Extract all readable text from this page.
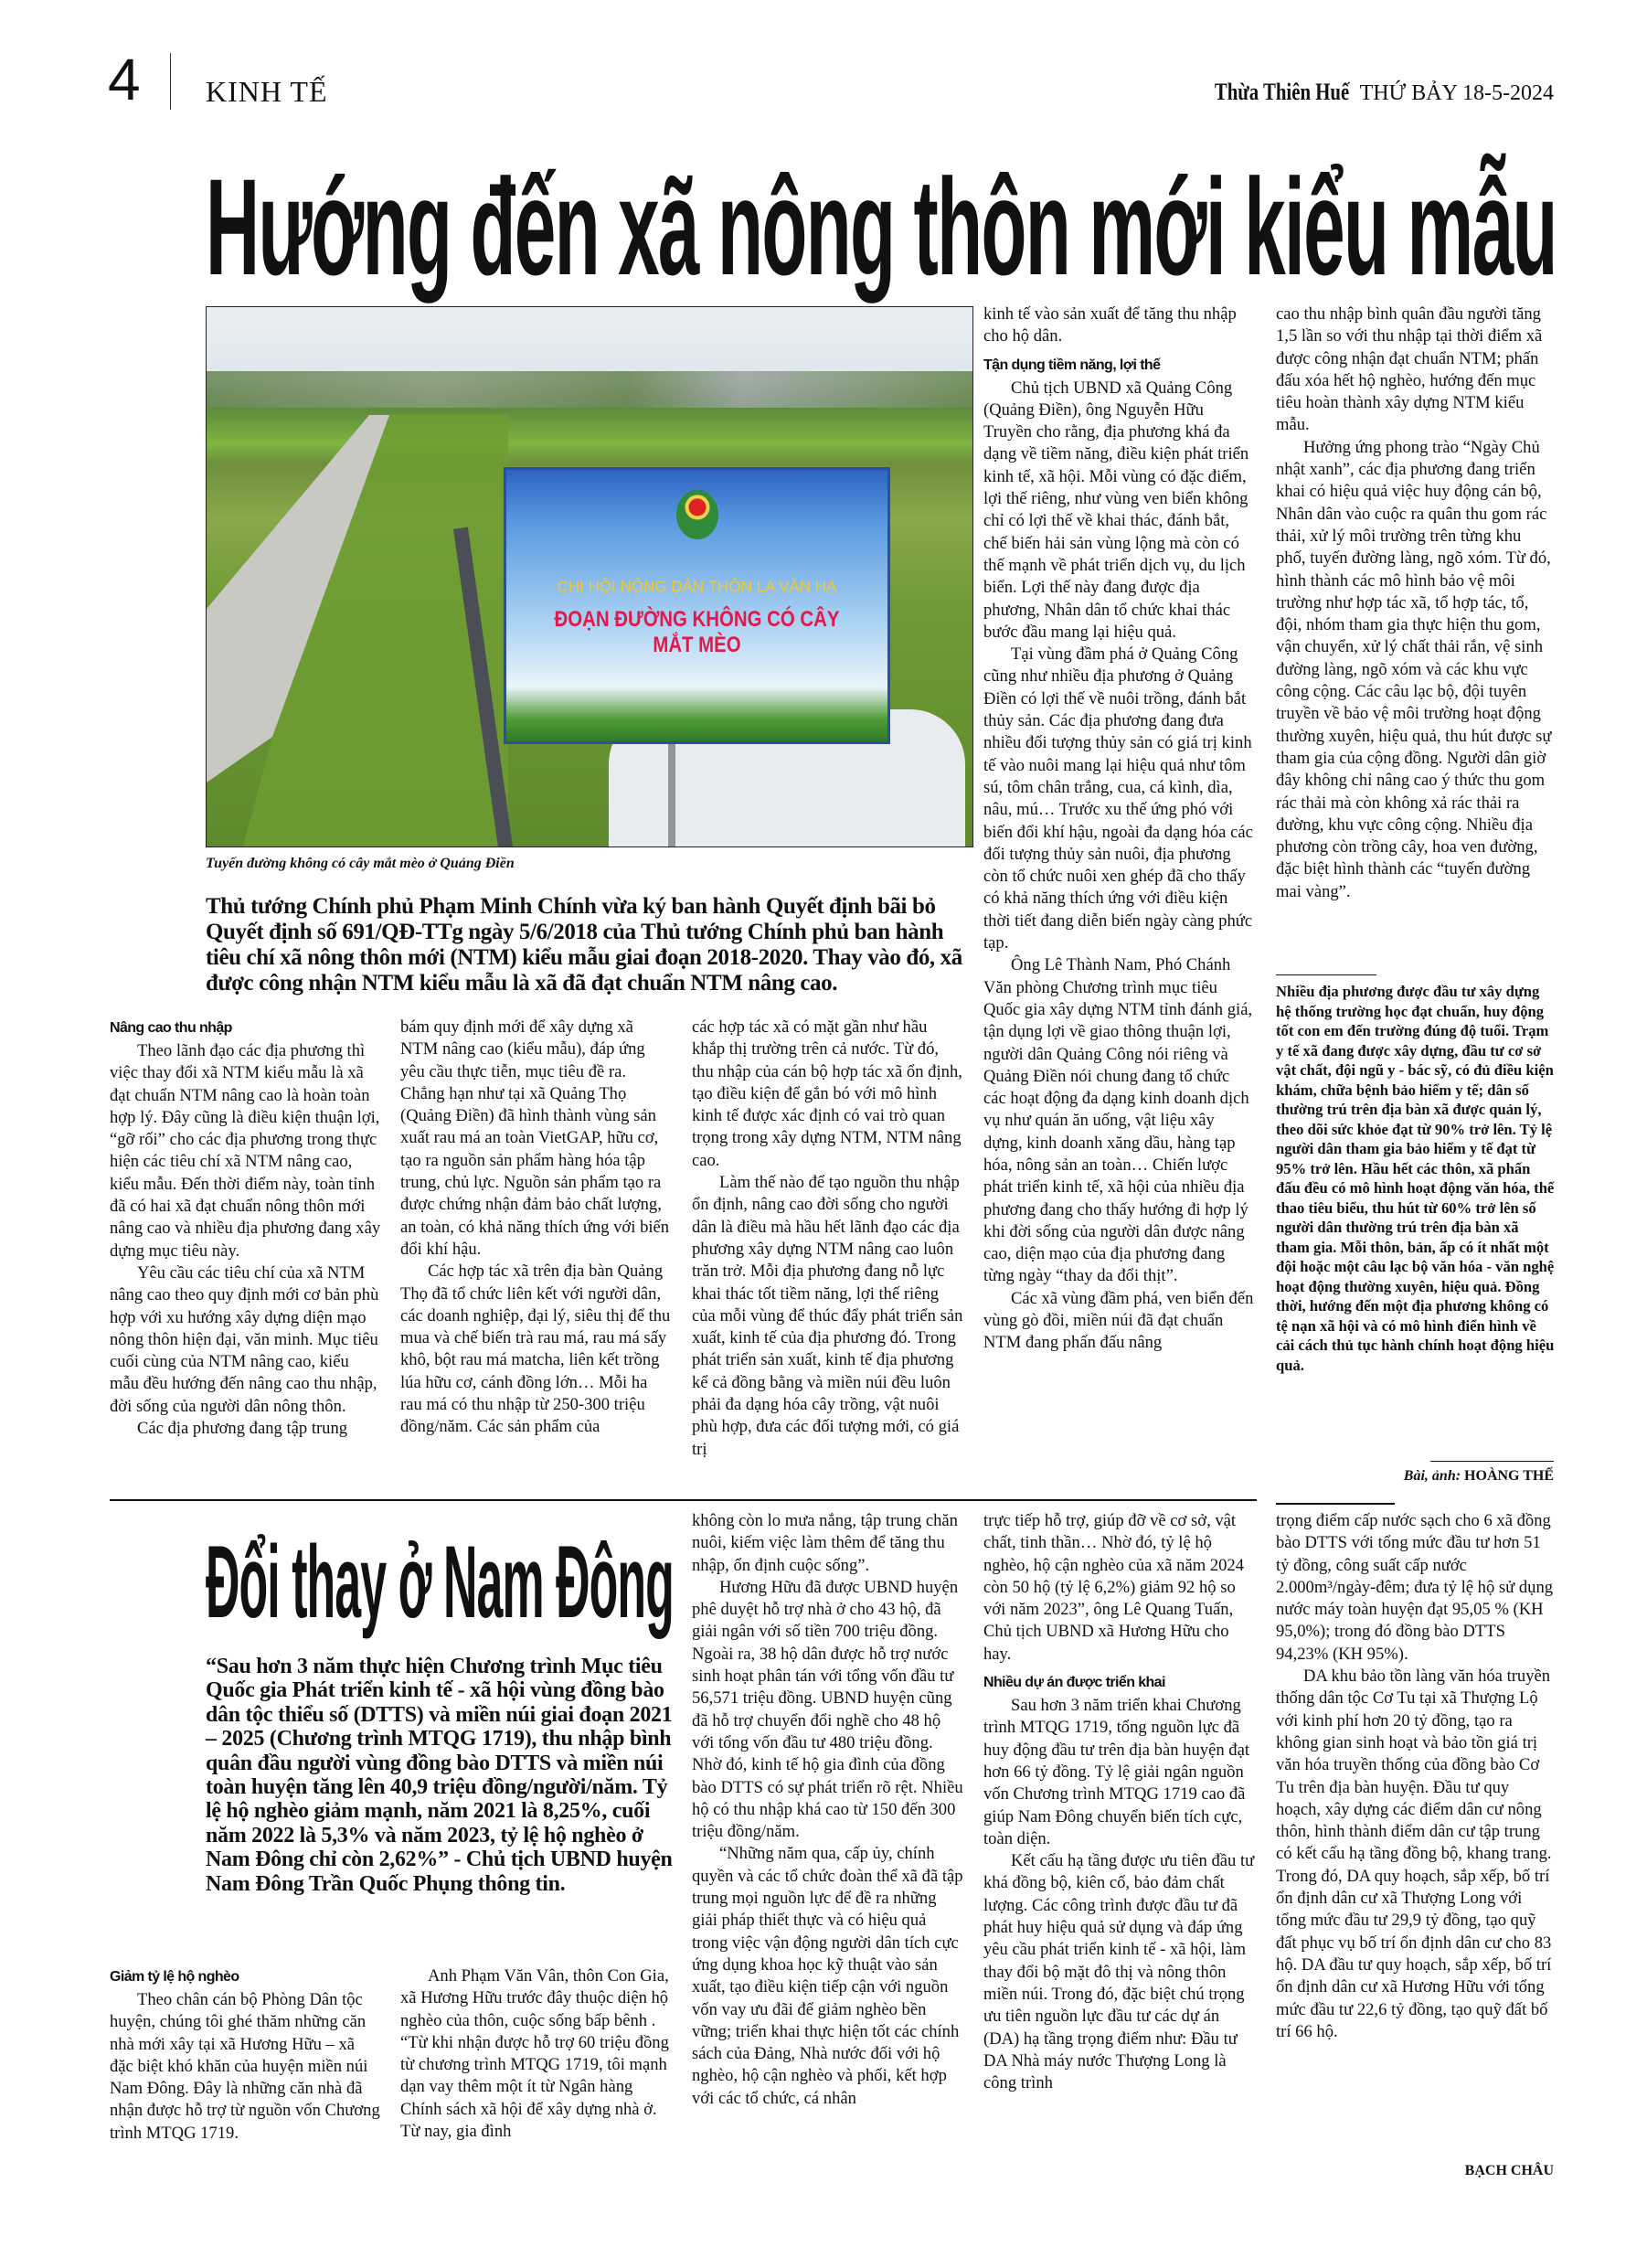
4 KINH TẾ	Thừa Thiên Huế THỨ BẢY 18-5-2024
Hướng đến xã nông thôn mới kiểu mẫu
CHI HỘI NÔNG DÂN THÔN LA VĂN HẠ
ĐOẠN ĐƯỜNG KHÔNG CÓ CÂY MẮT MÈO
Tuyến đường không có cây mắt mèo ở Quảng Điền
Thủ tướng Chính phủ Phạm Minh Chính vừa ký ban hành Quyết định bãi bỏ Quyết định số 691/QĐ-TTg ngày 5/6/2018 của Thủ tướng Chính phủ ban hành tiêu chí xã nông thôn mới (NTM) kiểu mẫu giai đoạn 2018-2020. Thay vào đó, xã được công nhận NTM kiểu mẫu là xã đã đạt chuẩn NTM nâng cao.
Nâng cao thu nhập

Theo lãnh đạo các địa phương thì việc thay đổi xã NTM kiểu mẫu là xã đạt chuẩn NTM nâng cao là hoàn toàn hợp lý. Đây cũng là điều kiện thuận lợi, “gỡ rối” cho các địa phương trong thực hiện các tiêu chí xã NTM nâng cao, kiểu mẫu. Đến thời điểm này, toàn tỉnh đã có hai xã đạt chuẩn nông thôn mới nâng cao và nhiều địa phương đang xây dựng mục tiêu này.

Yêu cầu các tiêu chí của xã NTM nâng cao theo quy định mới cơ bản phù hợp với xu hướng xây dựng diện mạo nông thôn hiện đại, văn minh. Mục tiêu cuối cùng của NTM nâng cao, kiểu mẫu đều hướng đến nâng cao thu nhập, đời sống của người dân nông thôn.

Các địa phương đang tập trung

bám quy định mới để xây dựng xã NTM nâng cao (kiểu mẫu), đáp ứng yêu cầu thực tiễn, mục tiêu đề ra. Chẳng hạn như tại xã Quảng Thọ (Quảng Điền) đã hình thành vùng sản xuất rau má an toàn VietGAP, hữu cơ, tạo ra nguồn sản phẩm hàng hóa tập trung, chủ lực. Nguồn sản phẩm tạo ra được chứng nhận đảm bảo chất lượng, an toàn, có khả năng thích ứng với biến đổi khí hậu.

Các hợp tác xã trên địa bàn Quảng Thọ đã tổ chức liên kết với người dân, các doanh nghiệp, đại lý, siêu thị để thu mua và chế biến trà rau má, rau má sấy khô, bột rau má matcha, liên kết trồng lúa hữu cơ, cánh đồng lớn… Mỗi ha rau má có thu nhập từ 250-300 triệu đồng/năm. Các sản phẩm của

các hợp tác xã có mặt gần như hầu khắp thị trường trên cả nước. Từ đó, thu nhập của cán bộ hợp tác xã ổn định, tạo điều kiện để gắn bó với mô hình kinh tế được xác định có vai trò quan trọng trong xây dựng NTM, NTM nâng cao.

Làm thế nào để tạo nguồn thu nhập ổn định, nâng cao đời sống cho người dân là điều mà hầu hết lãnh đạo các địa phương xây dựng NTM nâng cao luôn trăn trở. Mỗi địa phương đang nỗ lực khai thác tốt tiềm năng, lợi thế riêng của mỗi vùng để thúc đẩy phát triển sản xuất, kinh tế của địa phương đó. Trong phát triển sản xuất, kinh tế địa phương kể cả đồng bằng và miền núi đều luôn phải đa dạng hóa cây trồng, vật nuôi phù hợp, đưa các đối tượng mới, có giá trị

kinh tế vào sản xuất để tăng thu nhập cho hộ dân.

Tận dụng tiềm năng, lợi thế

Chủ tịch UBND xã Quảng Công (Quảng Điền), ông Nguyễn Hữu Truyền cho rằng, địa phương khá đa dạng về tiềm năng, điều kiện phát triển kinh tế, xã hội. Mỗi vùng có đặc điểm, lợi thế riêng, như vùng ven biển không chỉ có lợi thế về khai thác, đánh bắt, chế biến hải sản vùng lộng mà còn có thế mạnh về phát triển dịch vụ, du lịch biển. Lợi thế này đang được địa phương, Nhân dân tổ chức khai thác bước đầu mang lại hiệu quả.

Tại vùng đầm phá ở Quảng Công cũng như nhiều địa phương ở Quảng Điền có lợi thế về nuôi trồng, đánh bắt thủy sản. Các địa phương đang đưa nhiều đối tượng thủy sản có giá trị kinh tế vào nuôi mang lại hiệu quả như tôm sú, tôm chân trắng, cua, cá kình, dìa, nâu, mú… Trước xu thế ứng phó với biến đổi khí hậu, ngoài đa dạng hóa các đối tượng thủy sản nuôi, địa phương còn tổ chức nuôi xen ghép đã cho thấy có khả năng thích ứng với điều kiện thời tiết đang diễn biến ngày càng phức tạp.

Ông Lê Thành Nam, Phó Chánh Văn phòng Chương trình mục tiêu Quốc gia xây dựng NTM tỉnh đánh giá, tận dụng lợi về giao thông thuận lợi, người dân Quảng Công nói riêng và Quảng Điền nói chung đang tổ chức các hoạt động đa dạng kinh doanh dịch vụ như quán ăn uống, vật liệu xây dựng, kinh doanh xăng dầu, hàng tạp hóa, nông sản an toàn… Chiến lược phát triển kinh tế, xã hội của nhiều địa phương đang cho thấy hướng đi hợp lý khi đời sống của người dân được nâng cao, diện mạo của địa phương đang từng ngày “thay da đổi thịt”.

Các xã vùng đầm phá, ven biển đến vùng gò đồi, miền núi đã đạt chuẩn NTM đang phấn đấu nâng

cao thu nhập bình quân đầu người tăng 1,5 lần so với thu nhập tại thời điểm xã được công nhận đạt chuẩn NTM; phấn đấu xóa hết hộ nghèo, hướng đến mục tiêu hoàn thành xây dựng NTM kiểu mẫu.

Hưởng ứng phong trào “Ngày Chủ nhật xanh”, các địa phương đang triển khai có hiệu quả việc huy động cán bộ, Nhân dân vào cuộc ra quân thu gom rác thải, xử lý môi trường trên từng khu phố, tuyến đường làng, ngõ xóm. Từ đó, hình thành các mô hình bảo vệ môi trường như hợp tác xã, tổ hợp tác, tổ, đội, nhóm tham gia thực hiện thu gom, vận chuyển, xử lý chất thải rắn, vệ sinh đường làng, ngõ xóm và các khu vực công cộng. Các câu lạc bộ, đội tuyên truyền về bảo vệ môi trường hoạt động thường xuyên, hiệu quả, thu hút được sự tham gia của cộng đồng. Người dân giờ đây không chỉ nâng cao ý thức thu gom rác thải mà còn không xả rác thải ra đường, khu vực công cộng. Nhiều địa phương còn trồng cây, hoa ven đường, đặc biệt hình thành các “tuyến đường mai vàng”.

Nhiều địa phương được đầu tư xây dựng hệ thống trường học đạt chuẩn, huy động tốt con em đến trường đúng độ tuổi. Trạm y tế xã đang được xây dựng, đầu tư cơ sở vật chất, đội ngũ y - bác sỹ, có đủ điều kiện khám, chữa bệnh bảo hiểm y tế; dân số thường trú trên địa bàn xã được quản lý, theo dõi sức khỏe đạt từ 90% trở lên. Tỷ lệ người dân tham gia bảo hiểm y tế đạt từ 95% trở lên. Hầu hết các thôn, xã phấn đấu đều có mô hình hoạt động văn hóa, thể thao tiêu biểu, thu hút từ 60% trở lên số người dân thường trú trên địa bàn xã tham gia. Mỗi thôn, bản, ấp có ít nhất một đội hoặc một câu lạc bộ văn hóa - văn nghệ hoạt động thường xuyên, hiệu quả. Đồng thời, hướng đến một địa phương không có tệ nạn xã hội và có mô hình điển hình về cải cách thủ tục hành chính hoạt động hiệu quả.
Bài, ảnh: HOÀNG THẾ
Đổi thay ở Nam Đông
“Sau hơn 3 năm thực hiện Chương trình Mục tiêu Quốc gia Phát triển kinh tế - xã hội vùng đồng bào dân tộc thiểu số (DTTS) và miền núi giai đoạn 2021 – 2025 (Chương trình MTQG 1719), thu nhập bình quân đầu người vùng đồng bào DTTS và miền núi toàn huyện tăng lên 40,9 triệu đồng/người/năm. Tỷ lệ hộ nghèo giảm mạnh, năm 2021 là 8,25%, cuối năm 2022 là 5,3% và năm 2023, tỷ lệ hộ nghèo ở Nam Đông chỉ còn 2,62%” - Chủ tịch UBND huyện Nam Đông Trần Quốc Phụng thông tin.
Giảm tỷ lệ hộ nghèo

Theo chân cán bộ Phòng Dân tộc huyện, chúng tôi ghé thăm những căn nhà mới xây tại xã Hương Hữu – xã đặc biệt khó khăn của huyện miền núi Nam Đông. Đây là những căn nhà đã nhận được hỗ trợ từ nguồn vốn Chương trình MTQG 1719.

Anh Phạm Văn Vân, thôn Con Gia, xã Hương Hữu trước đây thuộc diện hộ nghèo của thôn, cuộc sống bấp bênh . “Từ khi nhận được hỗ trợ 60 triệu đồng từ chương trình MTQG 1719, tôi mạnh dạn vay thêm một ít từ Ngân hàng Chính sách xã hội để xây dựng nhà ở. Từ nay, gia đình

không còn lo mưa nắng, tập trung chăn nuôi, kiếm việc làm thêm để tăng thu nhập, ổn định cuộc sống”.

Hương Hữu đã được UBND huyện phê duyệt hỗ trợ nhà ở cho 43 hộ, đã giải ngân với số tiền 700 triệu đồng. Ngoài ra, 38 hộ dân được hỗ trợ nước sinh hoạt phân tán với tổng vốn đầu tư 56,571 triệu đồng. UBND huyện cũng đã hỗ trợ chuyển đổi nghề cho 48 hộ với tổng vốn đầu tư 480 triệu đồng. Nhờ đó, kinh tế hộ gia đình của đồng bào DTTS có sự phát triển rõ rệt. Nhiều hộ có thu nhập khá cao từ 150 đến 300 triệu đồng/năm.

“Những năm qua, cấp ủy, chính quyền và các tổ chức đoàn thể xã đã tập trung mọi nguồn lực để đề ra những giải pháp thiết thực và có hiệu quả trong việc vận động người dân tích cực ứng dụng khoa học kỹ thuật vào sản xuất, tạo điều kiện tiếp cận với nguồn vốn vay ưu đãi để giảm nghèo bền vững; triển khai thực hiện tốt các chính sách của Đảng, Nhà nước đối với hộ nghèo, hộ cận nghèo và phối, kết hợp với các tổ chức, cá nhân

trực tiếp hỗ trợ, giúp đỡ về cơ sở, vật chất, tinh thần… Nhờ đó, tỷ lệ hộ nghèo, hộ cận nghèo của xã năm 2024 còn 50 hộ (tỷ lệ 6,2%) giảm 92 hộ so với năm 2023”, ông Lê Quang Tuấn, Chủ tịch UBND xã Hương Hữu cho hay.

Nhiều dự án được triển khai

Sau hơn 3 năm triển khai Chương trình MTQG 1719, tổng nguồn lực đã huy động đầu tư trên địa bàn huyện đạt hơn 66 tỷ đồng. Tỷ lệ giải ngân nguồn vốn Chương trình MTQG 1719 cao đã giúp Nam Đông chuyển biến tích cực, toàn diện.

Kết cấu hạ tầng được ưu tiên đầu tư khá đồng bộ, kiên cố, bảo đảm chất lượng. Các công trình được đầu tư đã phát huy hiệu quả sử dụng và đáp ứng yêu cầu phát triển kinh tế - xã hội, làm thay đổi bộ mặt đô thị và nông thôn miền núi. Trong đó, đặc biệt chú trọng ưu tiên nguồn lực đầu tư các dự án (DA) hạ tầng trọng điểm như: Đầu tư DA Nhà máy nước Thượng Long là công trình

trọng điểm cấp nước sạch cho 6 xã đồng bào DTTS với tổng mức đầu tư hơn 51 tỷ đồng, công suất cấp nước 2.000m³/ngày-đêm; đưa tỷ lệ hộ sử dụng nước máy toàn huyện đạt 95,05 % (KH 95,0%); trong đó đồng bào DTTS 94,23% (KH 95%).

DA khu bảo tồn làng văn hóa truyền thống dân tộc Cơ Tu tại xã Thượng Lộ với kinh phí hơn 20 tỷ đồng, tạo ra không gian sinh hoạt và bảo tồn giá trị văn hóa truyền thống của đồng bào Cơ Tu trên địa bàn huyện. Đầu tư quy hoạch, xây dựng các điểm dân cư nông thôn, hình thành điểm dân cư tập trung có kết cấu hạ tầng đồng bộ, khang trang. Trong đó, DA quy hoạch, sắp xếp, bố trí ổn định dân cư xã Thượng Long với tổng mức đầu tư 29,9 tỷ đồng, tạo quỹ đất phục vụ bố trí ổn định dân cư cho 83 hộ. DA đầu tư quy hoạch, sắp xếp, bố trí ổn định dân cư xã Hương Hữu với tổng mức đầu tư 22,6 tỷ đồng, tạo quỹ đất bố trí 66 hộ.

BẠCH CHÂU
